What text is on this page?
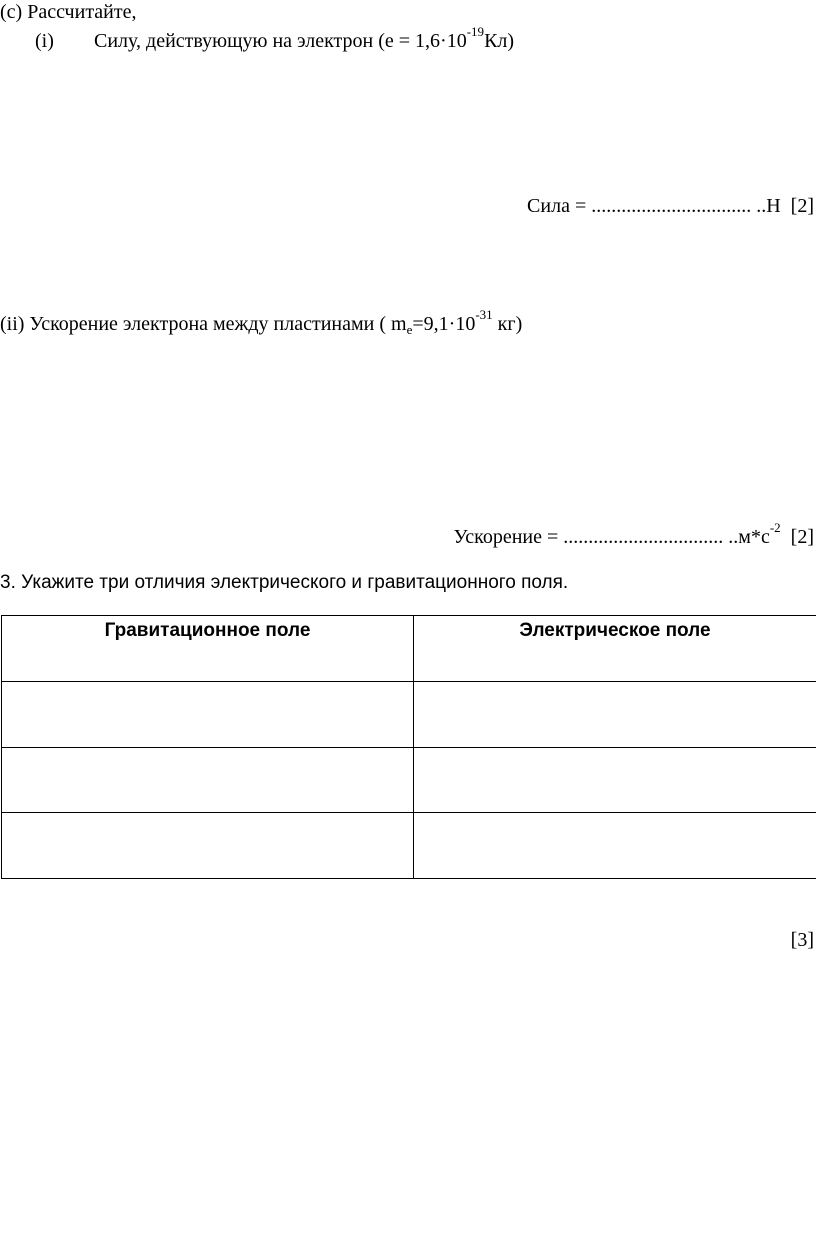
(c) Рассчитайте,
(i) Силу, действующую на электрон $(е = 1,6\cdot 10^{-19}Кл)$
Сила = ................................ ..Н [2]
(ii) Ускорение электрона между пластинами ( $m_e=9,1\cdot 10^{-31}$ кг)
Ускорение = ................................ $..м*с^{-2}$ [2]
3. Укажите три отличия электрического и гравитационного поля.
Гравитационное поле	Электрическое поле

[3]
